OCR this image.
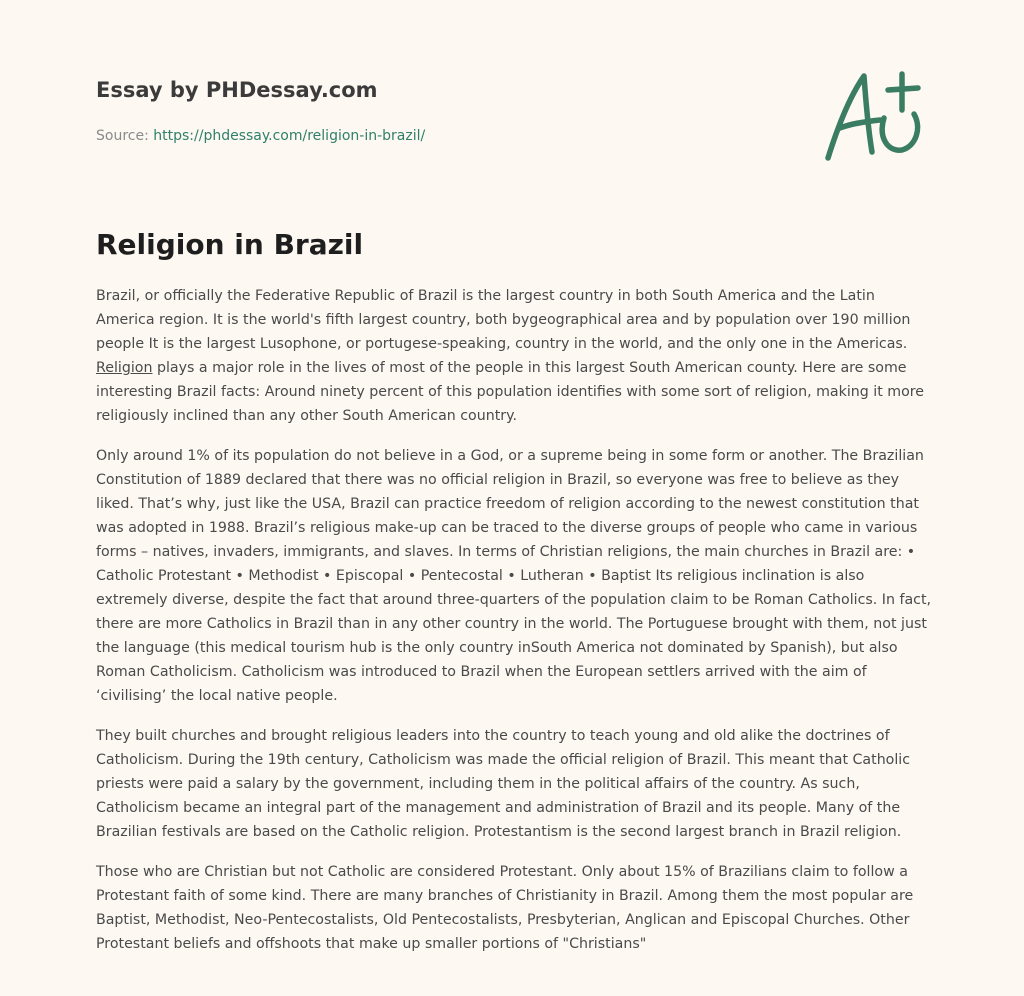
Essay by PHDessay.com
Source: https://phdessay.com/religion-in-brazil/
Religion in Brazil

Brazil, or officially the Federative Republic of Brazil is the largest country in both South America and the Latin America region. It is the world's fifth largest country, both bygeographical area and by population over 190 million people It is the largest Lusophone, or portugese-speaking, country in the world, and the only one in the Americas. Religion plays a major role in the lives of most of the people in this largest South American county. Here are some interesting Brazil facts: Around ninety percent of this population identifies with some sort of religion, making it more religiously inclined than any other South American country.

Only around 1% of its population do not believe in a God, or a supreme being in some form or another. The Brazilian Constitution of 1889 declared that there was no official religion in Brazil, so everyone was free to believe as they liked. That’s why, just like the USA, Brazil can practice freedom of religion according to the newest constitution that was adopted in 1988. Brazil’s religious make-up can be traced to the diverse groups of people who came in various forms – natives, invaders, immigrants, and slaves. In terms of Christian religions, the main churches in Brazil are: • Catholic Protestant • Methodist • Episcopal • Pentecostal • Lutheran • Baptist Its religious inclination is also extremely diverse, despite the fact that around three-quarters of the population claim to be Roman Catholics. In fact, there are more Catholics in Brazil than in any other country in the world. The Portuguese brought with them, not just the language (this medical tourism hub is the only country inSouth America not dominated by Spanish), but also Roman Catholicism. Catholicism was introduced to Brazil when the European settlers arrived with the aim of ‘civilising’ the local native people.

They built churches and brought religious leaders into the country to teach young and old alike the doctrines of Catholicism. During the 19th century, Catholicism was made the official religion of Brazil. This meant that Catholic priests were paid a salary by the government, including them in the political affairs of the country. As such, Catholicism became an integral part of the management and administration of Brazil and its people. Many of the Brazilian festivals are based on the Catholic religion. Protestantism is the second largest branch in Brazil religion.

Those who are Christian but not Catholic are considered Protestant. Only about 15% of Brazilians claim to follow a Protestant faith of some kind. There are many branches of Christianity in Brazil. Among them the most popular are Baptist, Methodist, Neo-Pentecostalists, Old Pentecostalists, Presbyterian, Anglican and Episcopal Churches. Other Protestant beliefs and offshoots that make up smaller portions of "Christians"
